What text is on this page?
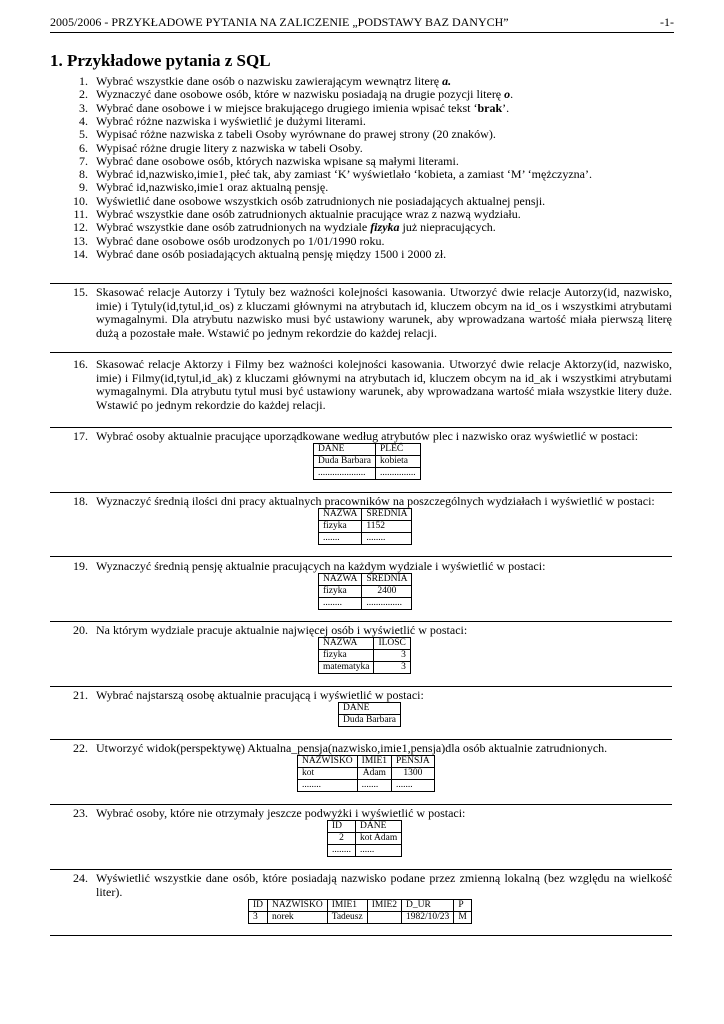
2005/2006 - PRZYKŁADOWE PYTANIA NA ZALICZENIE „PODSTAWY BAZ DANYCH”	-1-
1. Przykładowe pytania z SQL
1. Wybrać wszystkie dane osób o nazwisku zawierającym wewnątrz literę a.
2. Wyznaczyć dane osobowe osób, które w nazwisku posiadają na drugie pozycji literę o.
3. Wybrać dane osobowe i w miejsce brakującego drugiego imienia wpisać tekst ‘brak’.
4. Wybrać różne nazwiska i wyświetlić je dużymi literami.
5. Wypisać różne nazwiska z tabeli Osoby wyrównane do prawej strony (20 znaków).
6. Wypisać różne drugie litery z nazwiska w tabeli Osoby.
7. Wybrać dane osobowe osób, których nazwiska wpisane są małymi literami.
8. Wybrać id,nazwisko,imie1, płeć tak, aby zamiast ‘K’ wyświetlało ‘kobieta, a zamiast ‘M’ ‘mężczyzna’.
9. Wybrać id,nazwisko,imie1 oraz aktualną pensję.
10. Wyświetlić dane osobowe wszystkich osób zatrudnionych nie posiadających aktualnej pensji.
11. Wybrać wszystkie dane osób zatrudnionych aktualnie pracujące wraz z nazwą wydziału.
12. Wybrać wszystkie dane osób zatrudnionych na wydziale fizyka już niepracujących.
13. Wybrać dane osobowe osób urodzonych po 1/01/1990 roku.
14. Wybrać dane osób posiadających aktualną pensję między 1500 i 2000 zł.
15. Skasować relacje Autorzy i Tytuly bez ważności kolejności kasowania. Utworzyć dwie relacje Autorzy(id, nazwisko, imie) i Tytuly(id,tytul,id_os) z kluczami głównymi na atrybutach id, kluczem obcym na id_os i wszystkimi atrybutami wymagalnymi. Dla atrybutu nazwisko musi być ustawiony warunek, aby wprowadzana wartość miała pierwszą literę dużą a pozostałe małe. Wstawić po jednym rekordzie do każdej relacji.
16. Skasować relacje Aktorzy i Filmy bez ważności kolejności kasowania. Utworzyć dwie relacje Aktorzy(id, nazwisko, imie) i Filmy(id,tytul,id_ak) z kluczami głównymi na atrybutach id, kluczem obcym na id_ak i wszystkimi atrybutami wymagalnymi. Dla atrybutu tytul musi być ustawiony warunek, aby wprowadzana wartość miała wszystkie litery duże. Wstawić po jednym rekordzie do każdej relacji.
17. Wybrać osoby aktualnie pracujące uporządkowane według atrybutów plec i nazwisko oraz wyświetlić w postaci:
DANE	PLEĆ
Duda Barbara	kobieta
....................	...............
18. Wyznaczyć średnią ilości dni pracy aktualnych pracowników na poszczególnych wydziałach i wyświetlić w postaci:
NAZWA	ŚREDNIA
fizyka	1152
.......	........
19. Wyznaczyć średnią pensję aktualnie pracujących na każdym wydziale i wyświetlić w postaci:
NAZWA	ŚREDNIA
fizyka	2400
........	...............
20. Na którym wydziale pracuje aktualnie najwięcej osób i wyświetlić w postaci:
NAZWA	ILOSC
fizyka	3
matematyka	3
21. Wybrać najstarszą osobę aktualnie pracującą i wyświetlić w postaci:
DANE
Duda Barbara
22. Utworzyć widok(perspektywę) Aktualna_pensja(nazwisko,imie1,pensja)dla osób aktualnie zatrudnionych.
NAZWISKO	IMIE1	PENSJA
kot	Adam	1300
........	.......	.......
23. Wybrać osoby, które nie otrzymały jeszcze podwyżki i wyświetlić w postaci:
ID	DANE
2	kot Adam
........	......
24. Wyświetlić wszystkie dane osób, które posiadają nazwisko podane przez zmienną lokalną (bez względu na wielkość liter).
ID	NAZWISKO	IMIE1	IMIE2	D_UR	P
3	norek	Tadeusz		1982/10/23	M
